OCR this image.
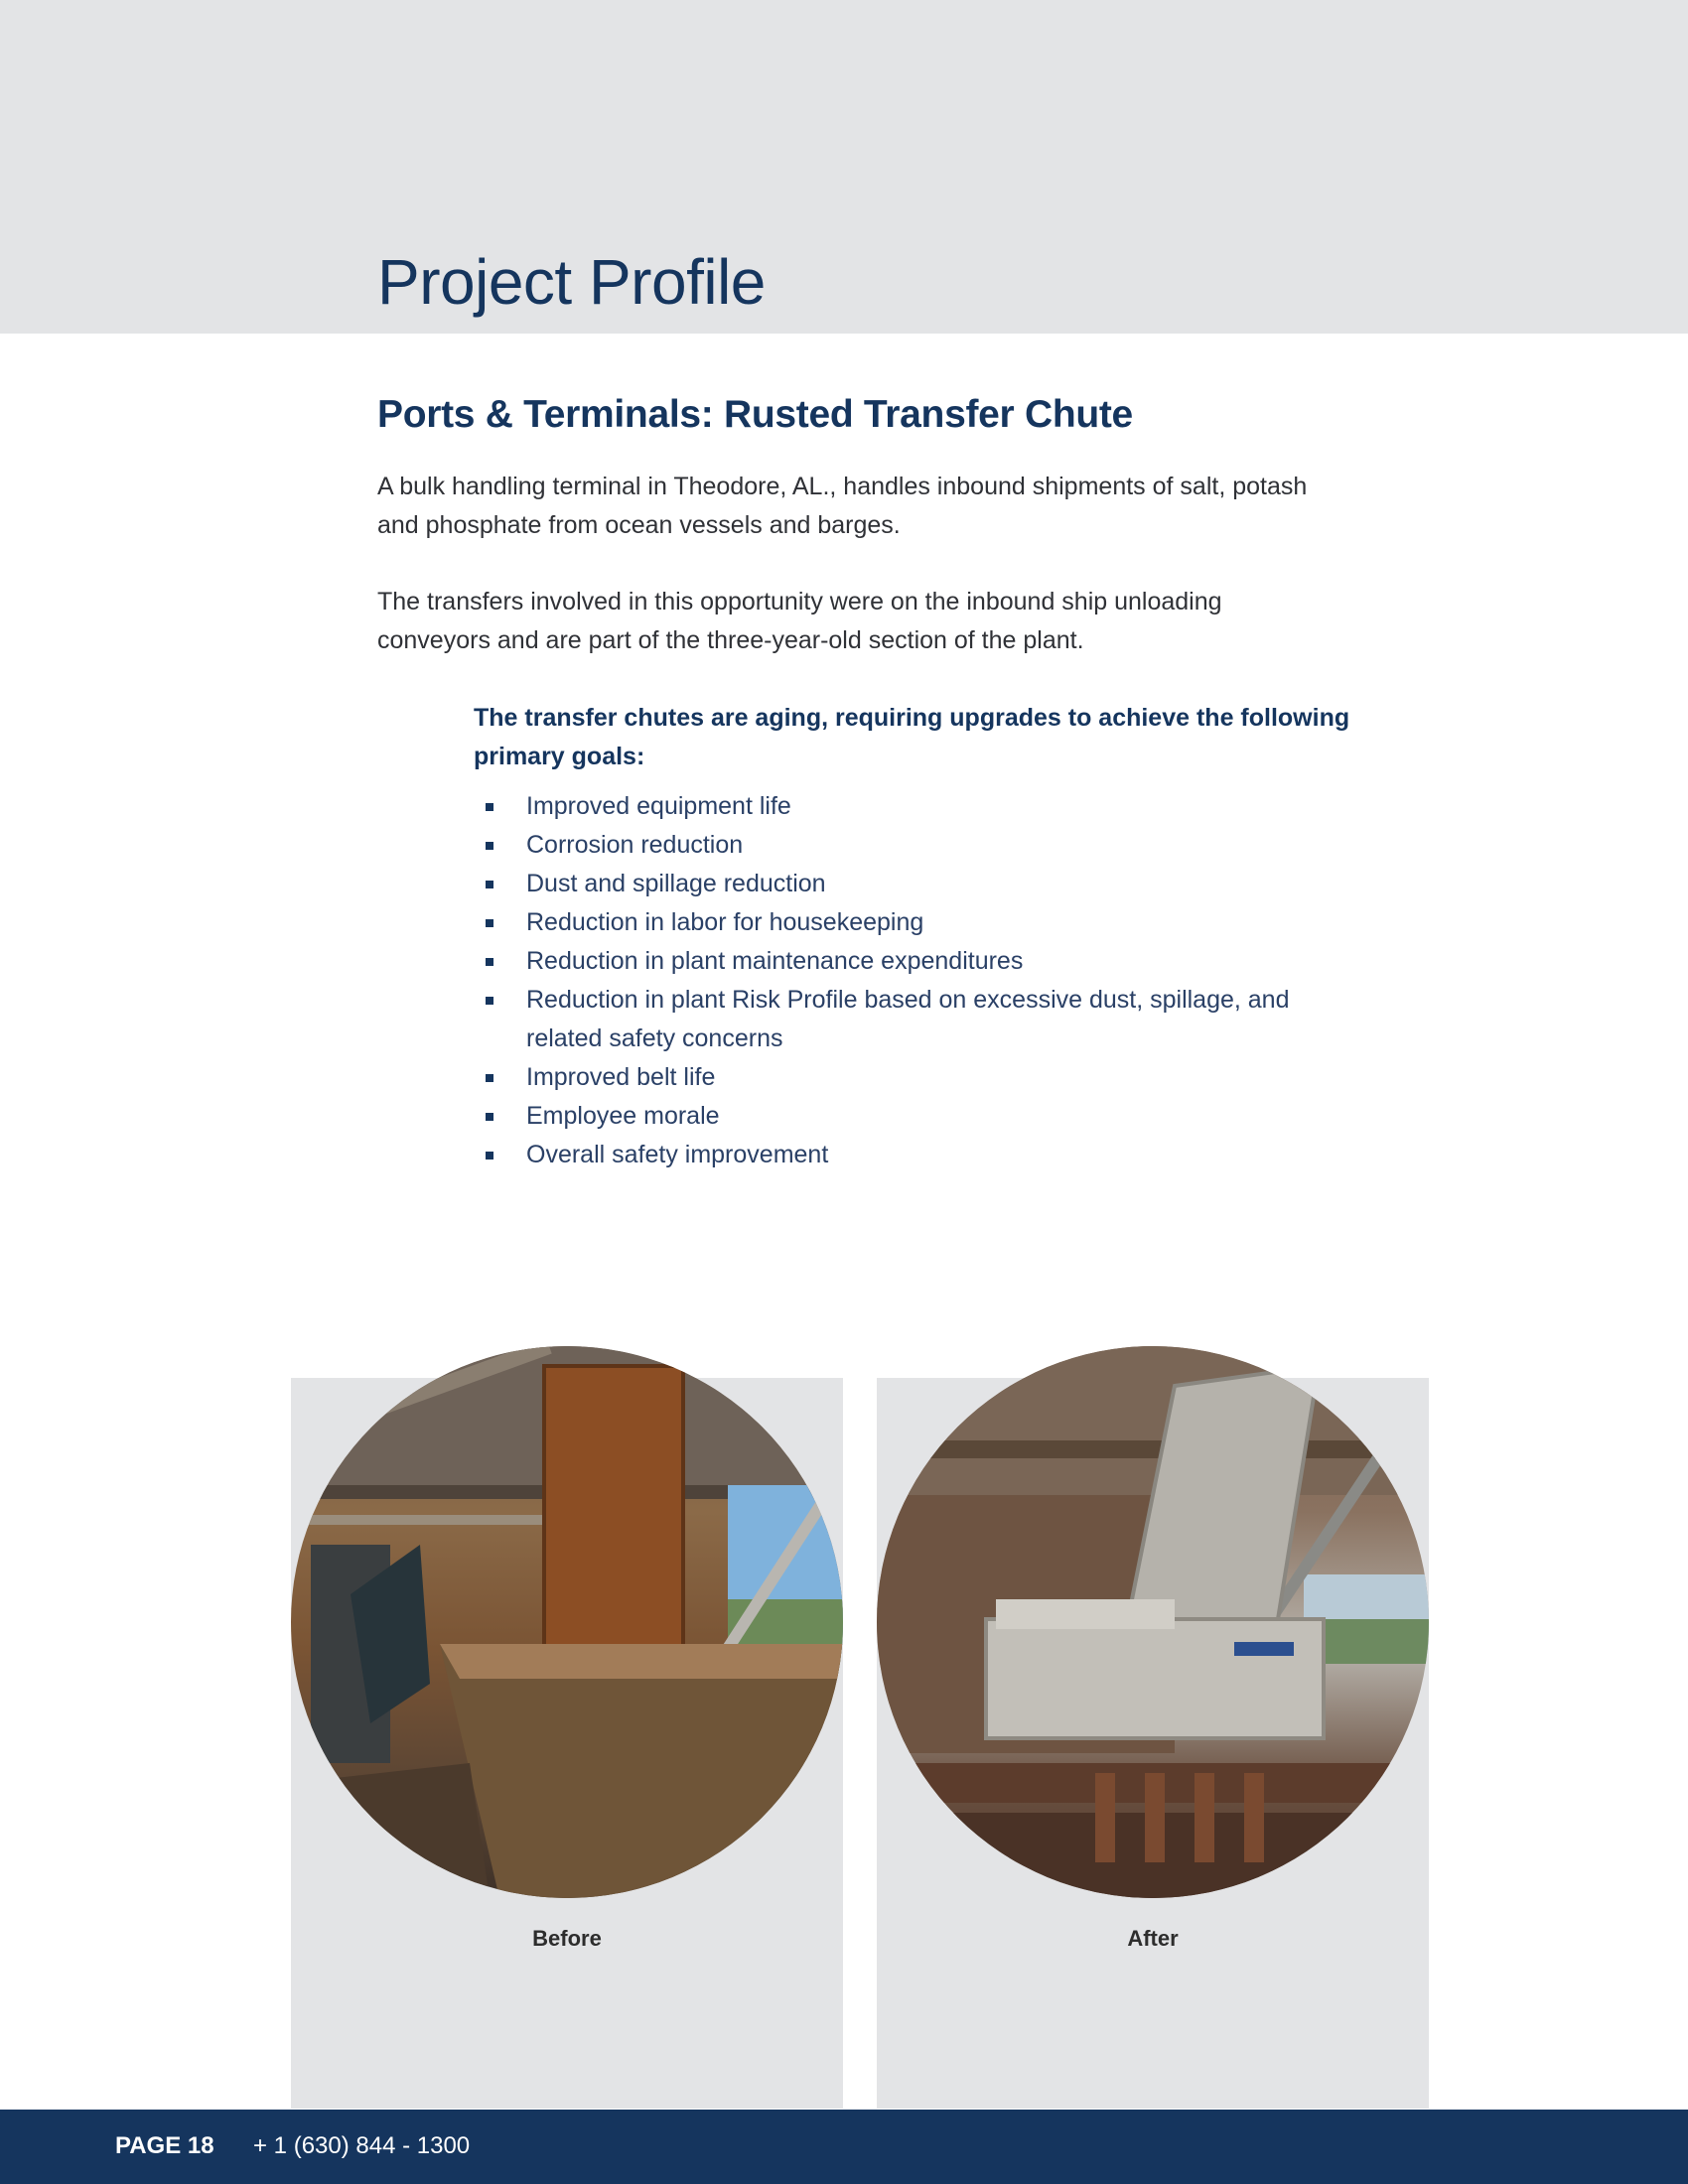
Project Profile
Ports & Terminals: Rusted Transfer Chute

A bulk handling terminal in Theodore, AL., handles inbound shipments of salt, potash and phosphate from ocean vessels and barges.

The transfers involved in this opportunity were on the inbound ship unloading conveyors and are part of the three-year-old section of the plant.

The transfer chutes are aging, requiring upgrades to achieve the following primary goals:

Improved equipment life
Corrosion reduction
Dust and spillage reduction
Reduction in labor for housekeeping
Reduction in plant maintenance expenditures
Reduction in plant Risk Profile based on excessive dust, spillage, and related safety concerns
Improved belt life
Employee morale
Overall safety improvement

Before	After

PAGE 18 + 1 (630) 844 - 1300
